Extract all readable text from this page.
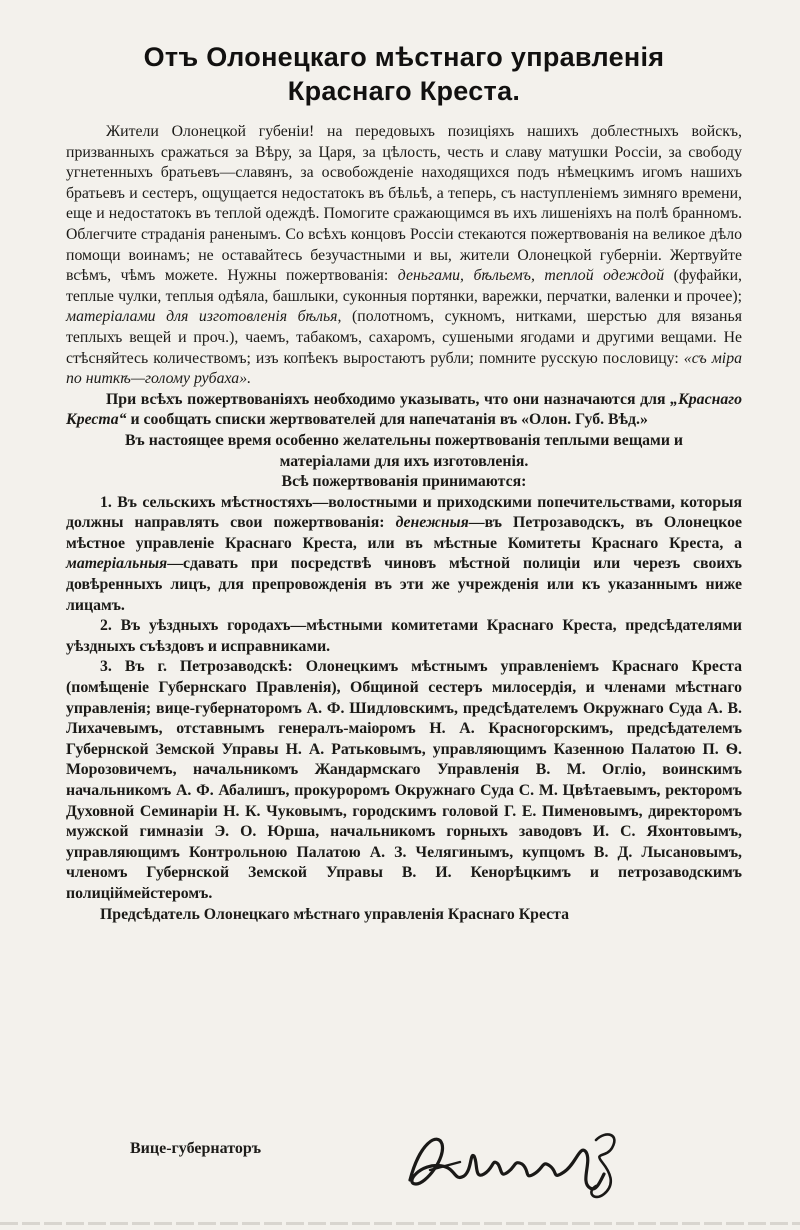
Отъ Олонецкаго мѣстнаго управленія
Краснаго Креста.

Жители Олонецкой губеніи! на передовыхъ позиціяхъ нашихъ доблестныхъ войскъ, призванныхъ сражаться за Вѣру, за Царя, за цѣлость, честь и славу матушки Россіи, за свободу угнетенныхъ братьевъ—славянъ, за освобожденіе находящихся подъ нѣмецкимъ игомъ нашихъ братьевъ и сестеръ, ощущается недостатокъ въ бѣльѣ, а теперь, съ наступленіемъ зимняго времени, еще и недостатокъ въ теплой одеждѣ. Помогите сражающимся въ ихъ лишеніяхъ на полѣ бранномъ. Облегчите страданія раненымъ. Со всѣхъ концовъ Россіи стекаются пожертвованія на великое дѣло помощи воинамъ; не оставайтесь безучастными и вы, жители Олонецкой губерніи. Жертвуйте всѣмъ, чѣмъ можете. Нужны пожертвованія: деньгами, бѣльемъ, теплой одеждой (фуфайки, теплые чулки, теплыя одѣяла, башлыки, суконныя портянки, варежки, перчатки, валенки и прочее); матеріалами для изготовленія бѣлья, (полотномъ, сукномъ, нитками, шерстью для вязанья теплыхъ вещей и проч.), чаемъ, табакомъ, сахаромъ, сушеными ягодами и другими вещами. Не стѣсняйтесь количествомъ; изъ копѣекъ выростаютъ рубли; помните русскую пословицу: «съ міра по ниткѣ—голому рубаха».

При всѣхъ пожертвованіяхъ необходимо указывать, что они назначаются для „Краснаго Креста“ и сообщать списки жертвователей для напечатанія въ «Олон. Губ. Вѣд.»

Въ настоящее время особенно желательны пожертвованія теплыми вещами и матеріалами для ихъ изготовленія.

Всѣ пожертвованія принимаются:

1. Въ сельскихъ мѣстностяхъ—волостными и приходскими попечительствами, которыя должны направлять свои пожертвованія: денежныя—въ Петрозаводскъ, въ Олонецкое мѣстное управленіе Краснаго Креста, или въ мѣстные Комитеты Краснаго Креста, а матеріальныя—сдавать при посредствѣ чиновъ мѣстной полиціи или черезъ своихъ довѣренныхъ лицъ, для препровожденія въ эти же учрежденія или къ указаннымъ ниже лицамъ.

2. Въ уѣздныхъ городахъ—мѣстными комитетами Краснаго Креста, предсѣдателями уѣздныхъ съѣздовъ и исправниками.

3. Въ г. Петрозаводскѣ: Олонецкимъ мѣстнымъ управленіемъ Краснаго Креста (помѣщеніе Губернскаго Правленія), Общиной сестеръ милосердія, и членами мѣстнаго управленія; вице-губернаторомъ А. Ф. Шидловскимъ, предсѣдателемъ Окружнаго Суда А. В. Лихачевымъ, отставнымъ генералъ-маіоромъ Н. А. Красногорскимъ, предсѣдателемъ Губернской Земской Управы Н. А. Ратьковымъ, управляющимъ Казенною Палатою П. Ѳ. Морозовичемъ, начальникомъ Жандармскаго Управленія В. М. Огліо, воинскимъ начальникомъ А. Ф. Абалишъ, прокуроромъ Окружнаго Суда С. М. Цвѣтаевымъ, ректоромъ Духовной Семинаріи Н. К. Чуковымъ, городскимъ головой Г. Е. Пименовымъ, директоромъ мужской гимназіи Э. О. Юрша, начальникомъ горныхъ заводовъ И. С. Яхонтовымъ, управляющимъ Контрольною Палатою А. З. Челягинымъ, купцомъ В. Д. Лысановымъ, членомъ Губернской Земской Управы В. И. Кенорѣцкимъ и петрозаводскимъ полиціймейстеромъ.

Предсѣдатель Олонецкаго мѣстнаго управленія Краснаго Креста

Вице-губернаторъ
